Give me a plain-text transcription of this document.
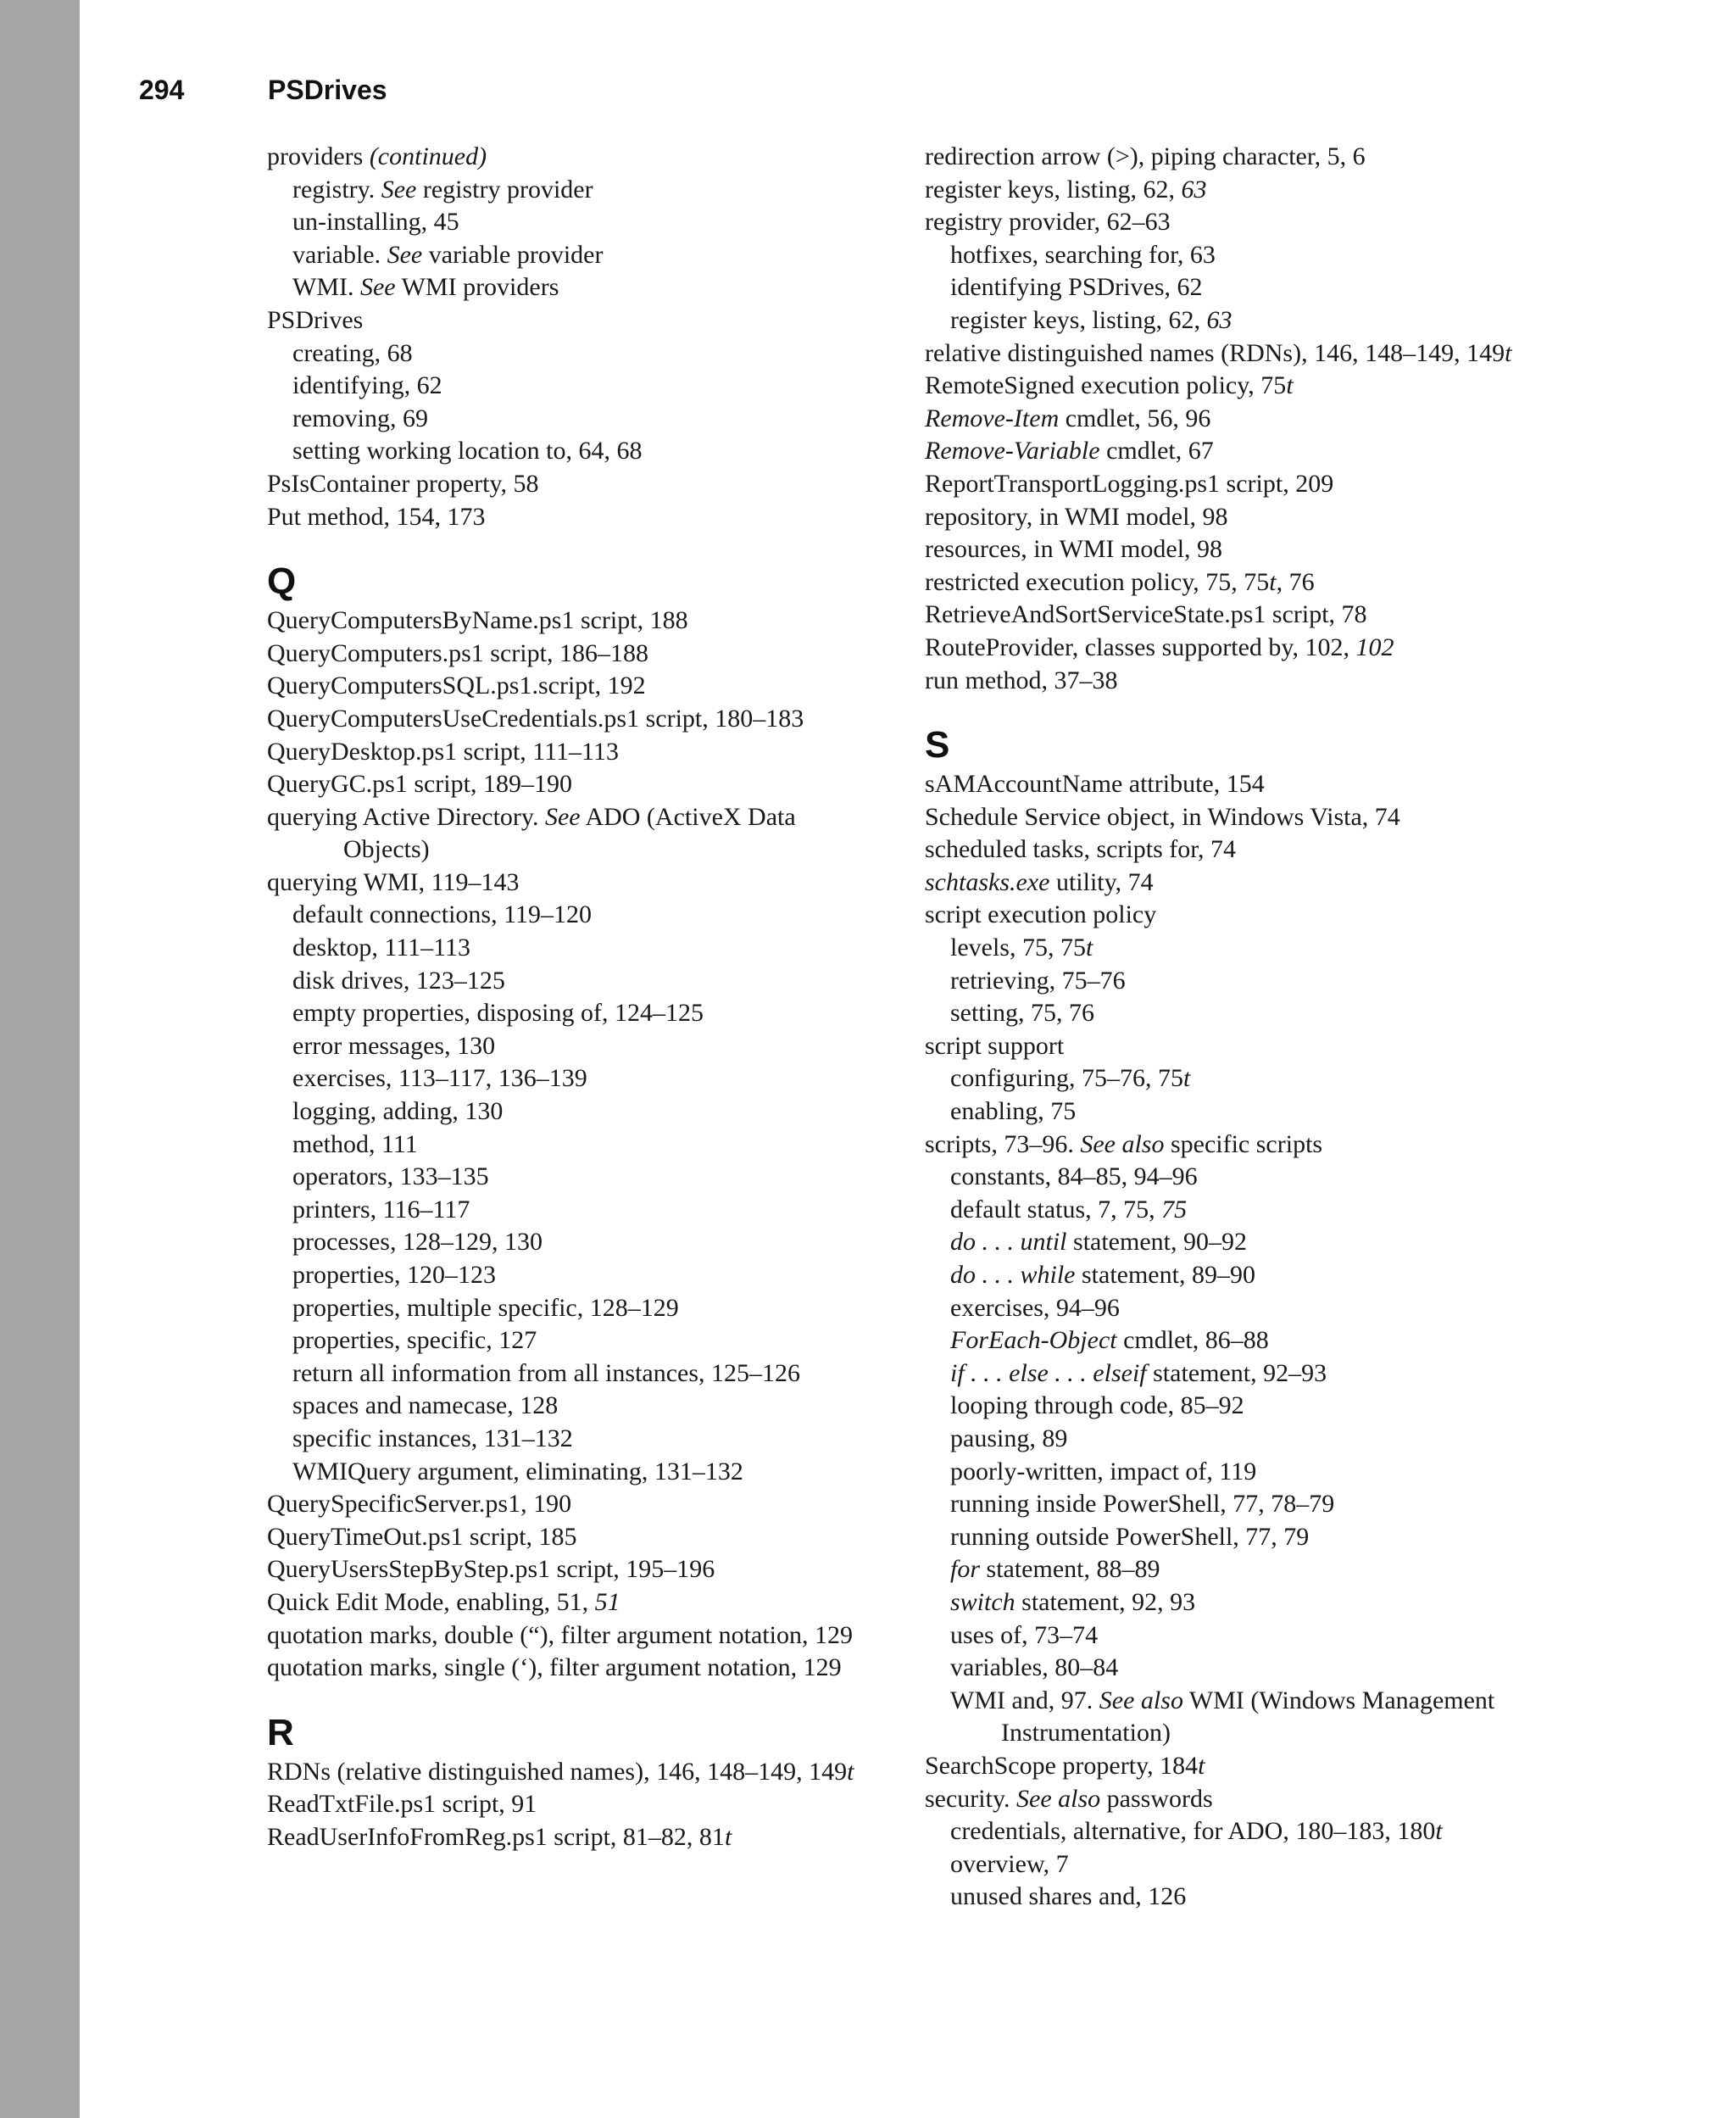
294	PSDrives
providers (continued)
registry. See registry provider
un-installing, 45
variable. See variable provider
WMI. See WMI providers
PSDrives
creating, 68
identifying, 62
removing, 69
setting working location to, 64, 68
PsIsContainer property, 58
Put method, 154, 173
Q
QueryComputersByName.ps1 script, 188
QueryComputers.ps1 script, 186–188
QueryComputersSQL.ps1.script, 192
QueryComputersUseCredentials.ps1 script, 180–183
QueryDesktop.ps1 script, 111–113
QueryGC.ps1 script, 189–190
querying Active Directory. See ADO (ActiveX Data Objects)
querying WMI, 119–143
default connections, 119–120
desktop, 111–113
disk drives, 123–125
empty properties, disposing of, 124–125
error messages, 130
exercises, 113–117, 136–139
logging, adding, 130
method, 111
operators, 133–135
printers, 116–117
processes, 128–129, 130
properties, 120–123
properties, multiple specific, 128–129
properties, specific, 127
return all information from all instances, 125–126
spaces and namecase, 128
specific instances, 131–132
WMIQuery argument, eliminating, 131–132
QuerySpecificServer.ps1, 190
QueryTimeOut.ps1 script, 185
QueryUsersStepByStep.ps1 script, 195–196
Quick Edit Mode, enabling, 51, 51
quotation marks, double (“), filter argument notation, 129
quotation marks, single (‘), filter argument notation, 129
R
RDNs (relative distinguished names), 146, 148–149, 149t
ReadTxtFile.ps1 script, 91
ReadUserInfoFromReg.ps1 script, 81–82, 81t
redirection arrow (>), piping character, 5, 6
register keys, listing, 62, 63
registry provider, 62–63
hotfixes, searching for, 63
identifying PSDrives, 62
register keys, listing, 62, 63
relative distinguished names (RDNs), 146, 148–149, 149t
RemoteSigned execution policy, 75t
Remove-Item cmdlet, 56, 96
Remove-Variable cmdlet, 67
ReportTransportLogging.ps1 script, 209
repository, in WMI model, 98
resources, in WMI model, 98
restricted execution policy, 75, 75t, 76
RetrieveAndSortServiceState.ps1 script, 78
RouteProvider, classes supported by, 102, 102
run method, 37–38
S
sAMAccountName attribute, 154
Schedule Service object, in Windows Vista, 74
scheduled tasks, scripts for, 74
schtasks.exe utility, 74
script execution policy
levels, 75, 75t
retrieving, 75–76
setting, 75, 76
script support
configuring, 75–76, 75t
enabling, 75
scripts, 73–96. See also specific scripts
constants, 84–85, 94–96
default status, 7, 75, 75
do . . . until statement, 90–92
do . . . while statement, 89–90
exercises, 94–96
ForEach-Object cmdlet, 86–88
if . . . else . . . elseif statement, 92–93
looping through code, 85–92
pausing, 89
poorly-written, impact of, 119
running inside PowerShell, 77, 78–79
running outside PowerShell, 77, 79
for statement, 88–89
switch statement, 92, 93
uses of, 73–74
variables, 80–84
WMI and, 97. See also WMI (Windows Management Instrumentation)
SearchScope property, 184t
security. See also passwords
credentials, alternative, for ADO, 180–183, 180t
overview, 7
unused shares and, 126
